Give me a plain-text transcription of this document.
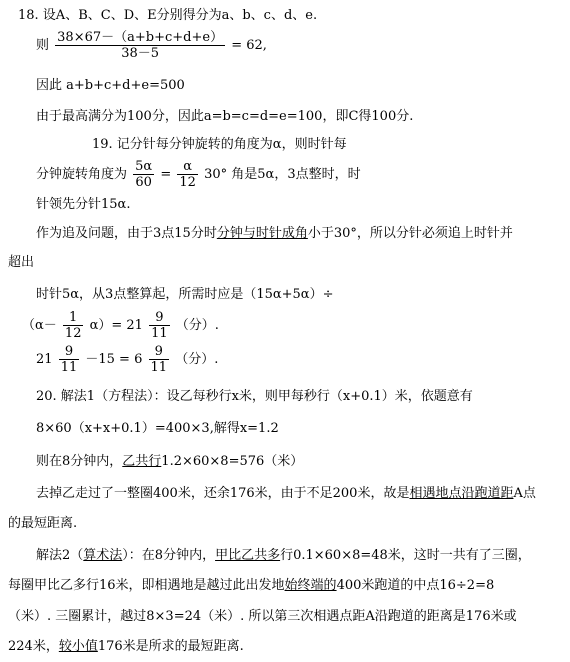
18. 设A、B、C、D、E分别得分为a、b、c、d、e.
则 $\frac{38\times 67-(a+b+c+d+e)}{38-5} = 62$,
因此 a+b+c+d+e=500
由于最高满分为100分，因此a=b=c=d=e=100，即C得100分.
19. 记分针每分钟旋转的角度为α，则时针每
分钟旋转角度为 $\frac{5\alpha}{60} = \frac{\alpha}{12} 30^\circ$ 角是5α，3点整时，时
针领先分针15α.
作为追及问题，由于3点15分时分钟与时针成角小于30°，所以分针必须追上时针并
超出
时针5α，从3点整算起，所需时应是（15α+5α）÷
$(\alpha- \frac{1}{12} \alpha)= 21 \frac{9}{11}$ （分）.
$21 \frac{9}{11} -15 = 6 \frac{9}{11}$ （分）.
20. 解法1（方程法）：设乙每秒行x米，则甲每秒行（x+0.1）米，依题意有
8×60（x+x+0.1）=400×3,解得x=1.2
则在8分钟内，乙共行1.2×60×8=576（米）
去掉乙走过了一整圈400米，还余176米，由于不足200米，故是相遇地点沿跑道距A点
的最短距离.
解法2（算术法）：在8分钟内，甲比乙共多行0.1×60×8=48米，这时一共有了三圈，
每圈甲比乙多行16米，即相遇地是越过此出发地始终端的400米跑道的中点16÷2=8
（米）. 三圈累计，越过8×3=24（米）. 所以第三次相遇点距A沿跑道的距离是176米或
224米，较小值176米是所求的最短距离.
